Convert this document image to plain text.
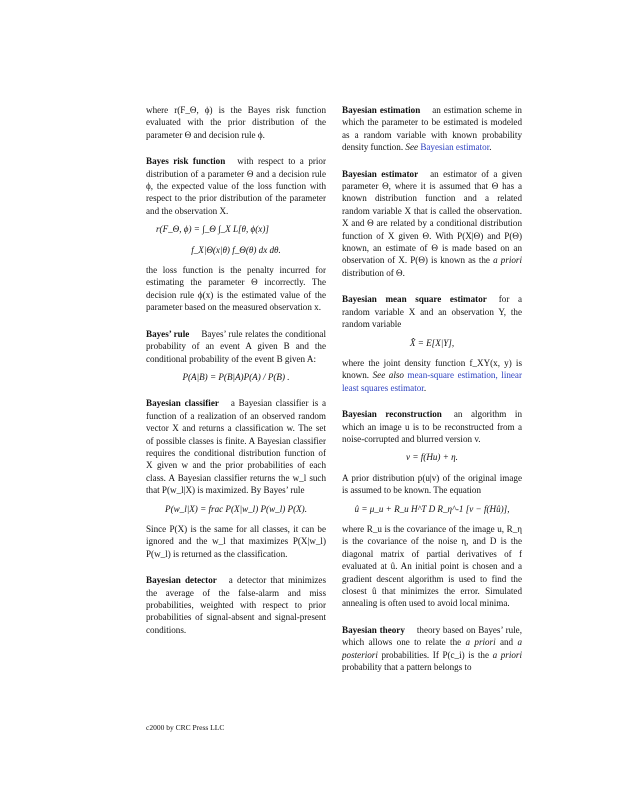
where r(F_Θ, ϕ) is the Bayes risk function evaluated with the prior distribution of the parameter Θ and decision rule ϕ.

Bayes risk function with respect to a prior distribution of a parameter Θ and a decision rule ϕ, the expected value of the loss function with respect to the prior distribution of the parameter and the observation X.
r(F_Θ, ϕ) = ∫_Θ ∫_X L[θ, ϕ(x)]
f_X|Θ(x|θ) f_Θ(θ) dx dθ.

the loss function is the penalty incurred for estimating the parameter Θ incorrectly. The decision rule ϕ(x) is the estimated value of the parameter based on the measured observation x.

Bayes’ rule Bayes’ rule relates the conditional probability of an event A given B and the conditional probability of the event B given A:
P(A|B) = P(B|A)P(A) / P(B) .
Bayesian classifier a Bayesian classifier is a function of a realization of an observed random vector X and returns a classification w. The set of possible classes is finite. A Bayesian classifier requires the conditional distribution function of X given w and the prior probabilities of each class. A Bayesian classifier returns the w_l such that P(w_l|X) is maximized. By Bayes’ rule
P(w_l|X) = frac P(X|w_l) P(w_l) P(X).

Since P(X) is the same for all classes, it can be ignored and the w_l that maximizes P(X|w_l) P(w_l) is returned as the classification.

Bayesian detector a detector that minimizes the average of the false-alarm and miss probabilities, weighted with respect to prior probabilities of signal-absent and signal-present conditions.
Bayesian estimation an estimation scheme in which the parameter to be estimated is modeled as a random variable with known probability density function. See Bayesian estimator.
Bayesian estimator an estimator of a given parameter Θ, where it is assumed that Θ has a known distribution function and a related random variable X that is called the observation. X and Θ are related by a conditional distribution function of X given Θ. With P(X|Θ) and P(Θ) known, an estimate of Θ is made based on an observation of X. P(Θ) is known as the a priori distribution of Θ.
Bayesian mean square estimator for a random variable X and an observation Y, the random variable
X̂ = E[X|Y],
where the joint density function f_XY(x, y) is known. See also mean-square estimation, linear least squares estimator.
Bayesian reconstruction an algorithm in which an image u is to be reconstructed from a noise-corrupted and blurred version v.
v = f(Hu) + η.

A prior distribution p(u|v) of the original image is assumed to be known. The equation

û = μ_u + R_u H^T D R_η^-1 [v − f(Hû)],

where R_u is the covariance of the image u, R_η is the covariance of the noise η, and D is the diagonal matrix of partial derivatives of f evaluated at û. An initial point is chosen and a gradient descent algorithm is used to find the closest û that minimizes the error. Simulated annealing is often used to avoid local minima.

Bayesian theory theory based on Bayes’ rule, which allows one to relate the a priori and a posteriori probabilities. If P(c_i) is the a priori probability that a pattern belongs to
c2000 by CRC Press LLC
